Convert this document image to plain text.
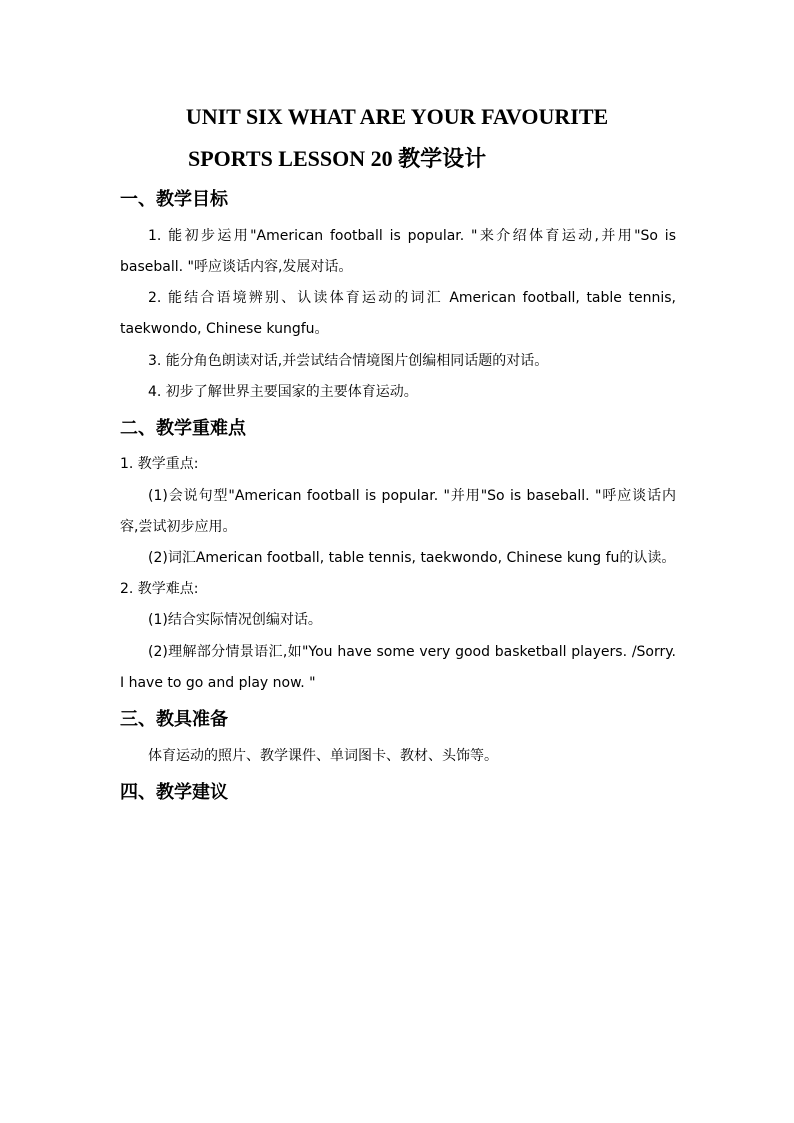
UNIT SIX WHAT ARE YOUR FAVOURITE
SPORTS LESSON 20 教学设计
一、教学目标

1. 能初步运用"American football is popular. "来介绍体育运动,并用"So is baseball. "呼应谈话内容,发展对话。

2. 能结合语境辨别、认读体育运动的词汇 American football, table tennis, taekwondo, Chinese kungfu。

3. 能分角色朗读对话,并尝试结合情境图片创编相同话题的对话。

4. 初步了解世界主要国家的主要体育运动。

二、教学重难点

1. 教学重点:

(1)会说句型"American football is popular. "并用"So is baseball. "呼应谈话内容,尝试初步应用。

(2)词汇American football, table tennis, taekwondo, Chinese kung fu的认读。

2. 教学难点:

(1)结合实际情况创编对话。

(2)理解部分情景语汇,如"You have some very good basketball players. /Sorry. I have to go and play now. "

三、教具准备

体育运动的照片、教学课件、单词图卡、教材、头饰等。

四、教学建议
